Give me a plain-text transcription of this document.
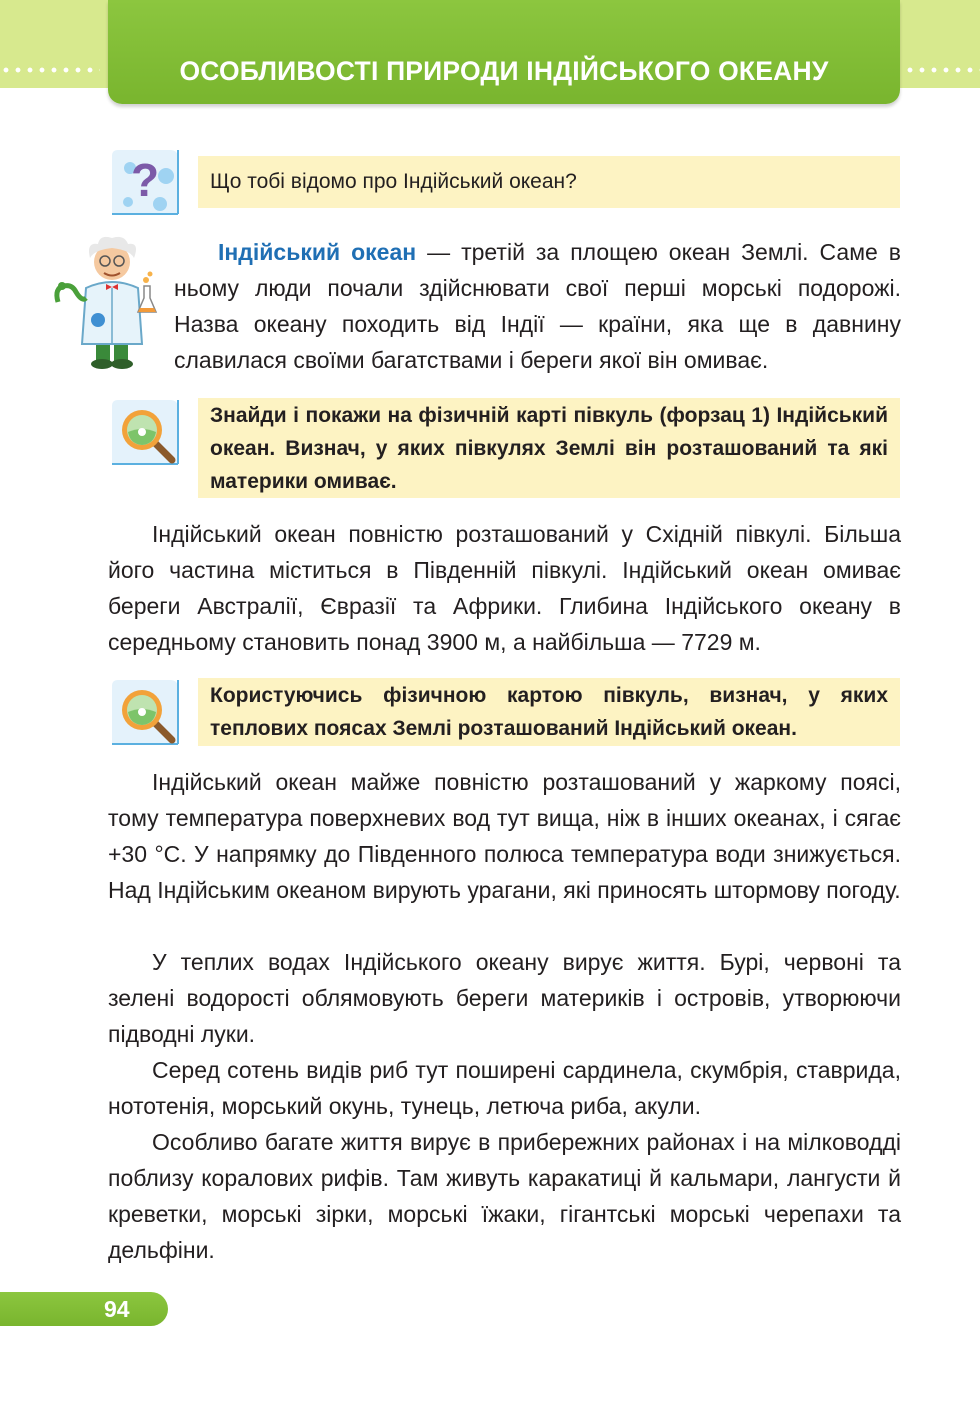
ОСОБЛИВОСТІ ПРИРОДИ ІНДІЙСЬКОГО ОКЕАНУ
?	Що тобі відомо про Індійський океан?

Індійський океан — третій за площею океан Землі. Саме в ньому люди почали здійснювати свої перші морські подорожі. Назва океану походить від Індії — країни, яка ще в давнину славилася своїми багатствами і береги якої він омиває.

Знайди і покажи на фізичній карті півкуль (форзац 1) Індійський океан. Визнач, у яких півкулях Землі він розташований та які материки омиває.

Індійський океан повністю розташований у Східній півкулі. Більша його частина міститься в Південній півкулі. Індійський океан омиває береги Австралії, Євразії та Африки. Глибина Індійського океану в середньому становить понад 3900 м, а найбільша — 7729 м.

Користуючись фізичною картою півкуль, визнач, у яких теплових поясах Землі розташований Індійський океан.

Індійський океан майже повністю розташований у жаркому поясі, тому температура поверхневих вод тут вища, ніж в інших океанах, і сягає +30 °С. У напрямку до Південного полюса температура води знижується. Над Індійським океаном вирують урагани, які приносять штормову погоду.

У теплих водах Індійського океану вирує життя. Бурі, червоні та зелені водорості облямовують береги материків і островів, утворюючи підводні луки.

Серед сотень видів риб тут поширені сардинела, скумбрія, ставрида, нототенія, морський окунь, тунець, летюча риба, акули.

Особливо багате життя вирує в прибережних районах і на мілководді поблизу коралових рифів. Там живуть каракатиці й кальмари, лангусти й креветки, морські зірки, морські їжаки, гігантські морські черепахи та дельфіни.

94
